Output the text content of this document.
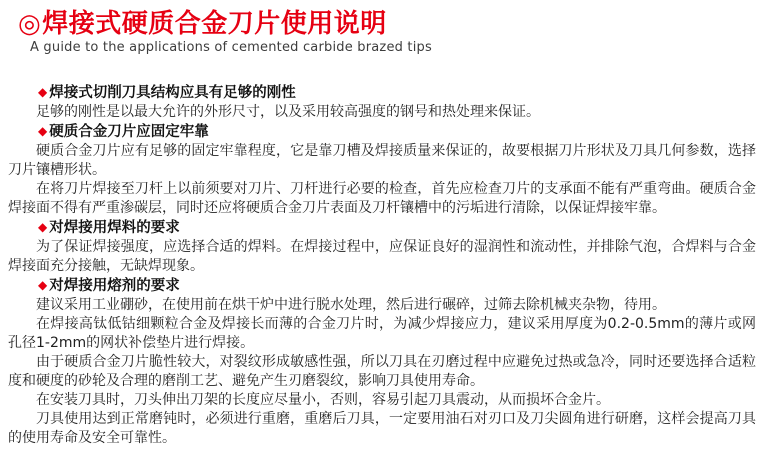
◎焊接式硬质合金刀片使用说明

A guide to the applications of cemented carbide brazed tips

◆ 焊接式切削刀具结构应具有足够的刚性

足够的刚性是以最大允许的外形尺寸，以及采用较高强度的钢号和热处理来保证。

◆ 硬质合金刀片应固定牢靠

硬质合金刀片应有足够的固定牢靠程度，它是靠刀槽及焊接质量来保证的，故要根据刀片形状及刀具几何参数，选择刀片镶槽形状。

在将刀片焊接至刀杆上以前须要对刀片、刀杆进行必要的检查，首先应检查刀片的支承面不能有严重弯曲。硬质合金焊接面不得有严重渗碳层，同时还应将硬质合金刀片表面及刀杆镶槽中的污垢进行清除，以保证焊接牢靠。

◆ 对焊接用焊料的要求

为了保证焊接强度，应选择合适的焊料。在焊接过程中，应保证良好的湿润性和流动性，并排除气泡，合焊料与合金焊接面充分接触，无缺焊现象。

◆ 对焊接用熔剂的要求

建议采用工业硼砂，在使用前在烘干炉中进行脱水处理，然后进行碾碎，过筛去除机械夹杂物，待用。

在焊接高钛低钴细颗粒合金及焊接长而薄的合金刀片时，为减少焊接应力，建议采用厚度为0.2-0.5mm的薄片或网孔径1-2mm的网状补偿垫片进行焊接。

由于硬质合金刀片脆性较大，对裂纹形成敏感性强，所以刀具在刃磨过程中应避免过热或急冷，同时还要选择合适粒度和硬度的砂轮及合理的磨削工艺、避免产生刃磨裂纹，影响刀具使用寿命。

在安装刀具时，刀头伸出刀架的长度应尽量小，否则，容易引起刀具震动，从而损坏合金片。

刀具使用达到正常磨钝时，必须进行重磨，重磨后刀具，一定要用油石对刃口及刀尖圆角进行研磨，这样会提高刀具的使用寿命及安全可靠性。
